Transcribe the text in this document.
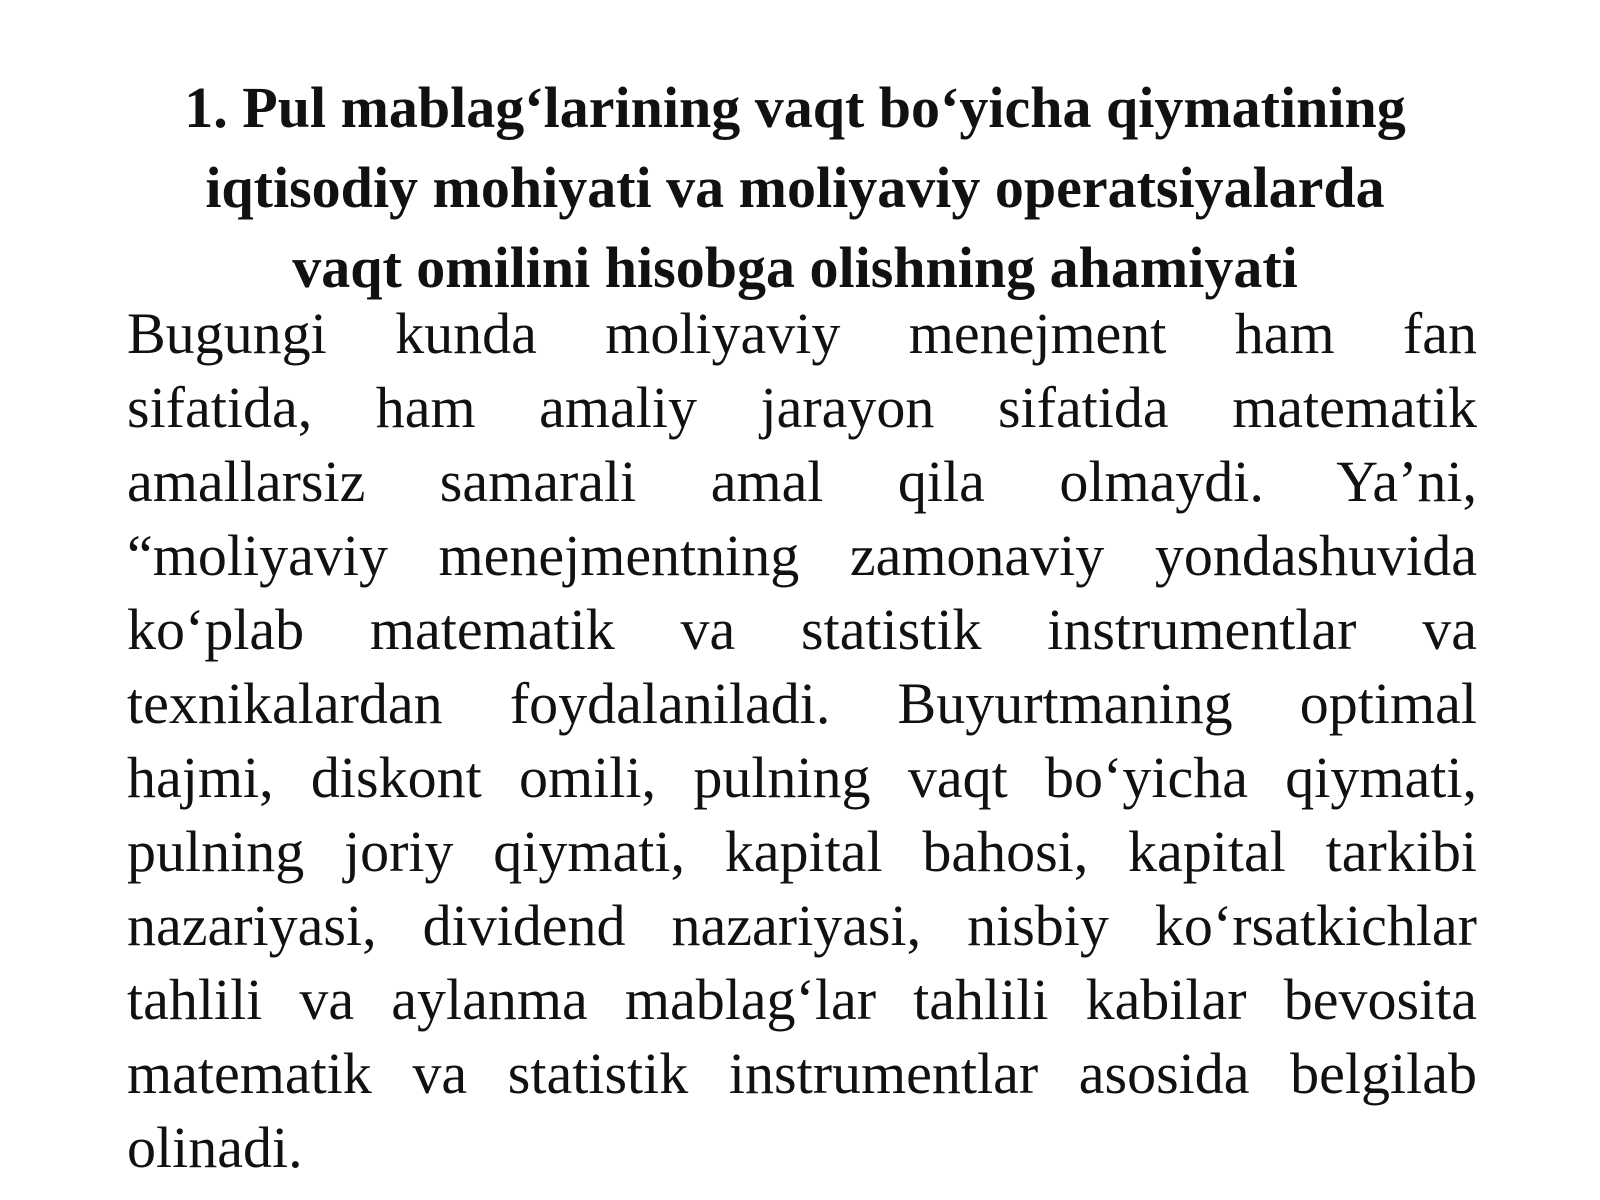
1. Pul mablag‘larining vaqt bo‘yicha qiymatining
iqtisodiy mohiyati va moliyaviy operatsiyalarda
vaqt omilini hisobga olishning ahamiyati
Bugungi kunda moliyaviy menejment ham fan
sifatida, ham amaliy jarayon sifatida matematik
amallarsiz samarali amal qila olmaydi. Ya’ni,
“moliyaviy menejmentning zamonaviy yondashuvida
ko‘plab matematik va statistik instrumentlar va
texnikalardan foydalaniladi. Buyurtmaning optimal
hajmi, diskont omili, pulning vaqt bo‘yicha qiymati,
pulning joriy qiymati, kapital bahosi, kapital tarkibi
nazariyasi, dividend nazariyasi, nisbiy ko‘rsatkichlar
tahlili va aylanma mablag‘lar tahlili kabilar bevosita
matematik va statistik instrumentlar asosida belgilab
olinadi.
